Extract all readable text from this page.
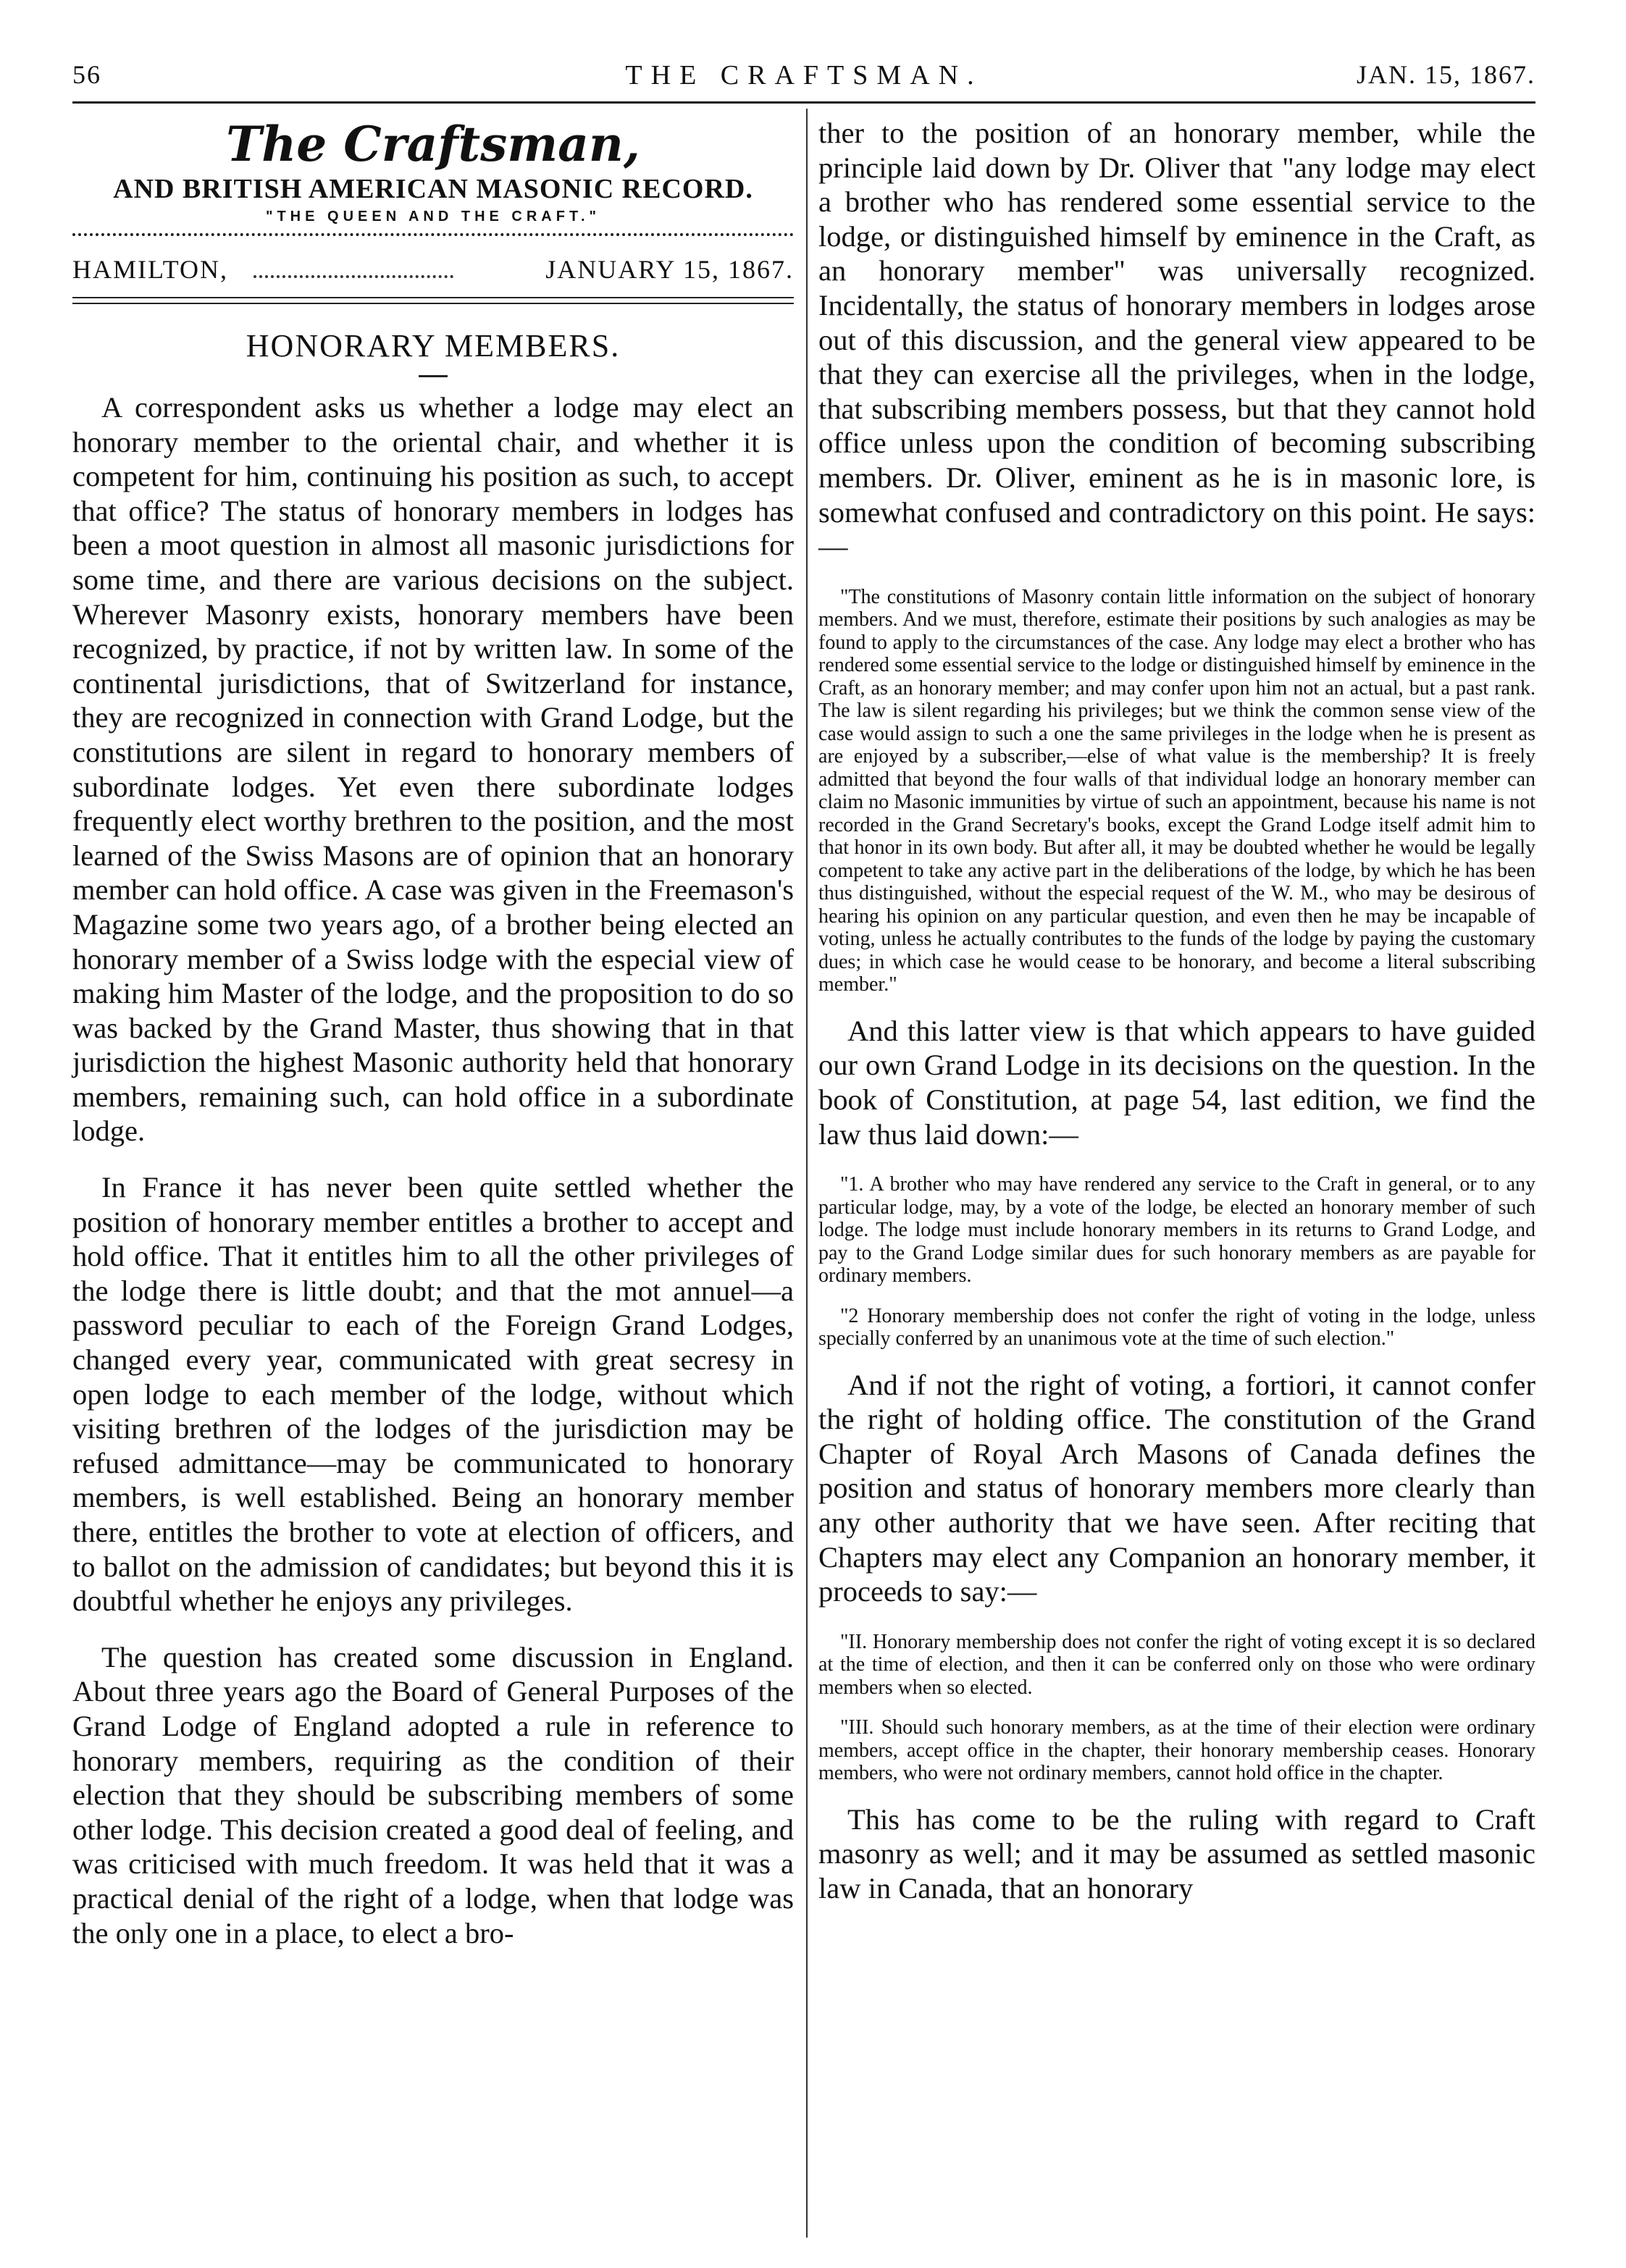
56	THE CRAFTSMAN.	JAN. 15, 1867.
The Craftsman,
AND BRITISH AMERICAN MASONIC RECORD.
"THE QUEEN AND THE CRAFT."
HAMILTON,	JANUARY 15, 1867.
HONORARY MEMBERS.

A correspondent asks us whether a lodge may elect an honorary member to the oriental chair, and whether it is competent for him, continuing his position as such, to accept that office? The status of honorary members in lodges has been a moot question in almost all masonic jurisdictions for some time, and there are various decisions on the subject. Wherever Masonry exists, honorary members have been recognized, by practice, if not by written law. In some of the continental jurisdictions, that of Switzerland for instance, they are recognized in connection with Grand Lodge, but the constitutions are silent in regard to honorary members of subordinate lodges. Yet even there subordinate lodges frequently elect worthy brethren to the position, and the most learned of the Swiss Masons are of opinion that an honorary member can hold office. A case was given in the Freemason's Magazine some two years ago, of a brother being elected an honorary member of a Swiss lodge with the especial view of making him Master of the lodge, and the proposition to do so was backed by the Grand Master, thus showing that in that jurisdiction the highest Masonic authority held that honorary members, remaining such, can hold office in a subordinate lodge.

In France it has never been quite settled whether the position of honorary member entitles a brother to accept and hold office. That it entitles him to all the other privileges of the lodge there is little doubt; and that the mot annuel—a password peculiar to each of the Foreign Grand Lodges, changed every year, communicated with great secresy in open lodge to each member of the lodge, without which visiting brethren of the lodges of the jurisdiction may be refused admittance—may be communicated to honorary members, is well established. Being an honorary member there, entitles the brother to vote at election of officers, and to ballot on the admission of candidates; but beyond this it is doubtful whether he enjoys any privileges.

The question has created some discussion in England. About three years ago the Board of General Purposes of the Grand Lodge of England adopted a rule in reference to honorary members, requiring as the condition of their election that they should be subscribing members of some other lodge. This decision created a good deal of feeling, and was criticised with much freedom. It was held that it was a practical denial of the right of a lodge, when that lodge was the only one in a place, to elect a bro-

ther to the position of an honorary member, while the principle laid down by Dr. Oliver that "any lodge may elect a brother who has rendered some essential service to the lodge, or distinguished himself by eminence in the Craft, as an honorary member" was universally recognized. Incidentally, the status of honorary members in lodges arose out of this discussion, and the general view appeared to be that they can exercise all the privileges, when in the lodge, that subscribing members possess, but that they cannot hold office unless upon the condition of becoming subscribing members. Dr. Oliver, eminent as he is in masonic lore, is somewhat confused and contradictory on this point. He says:—

"The constitutions of Masonry contain little information on the subject of honorary members. And we must, therefore, estimate their positions by such analogies as may be found to apply to the circumstances of the case. Any lodge may elect a brother who has rendered some essential service to the lodge or distinguished himself by eminence in the Craft, as an honorary member; and may confer upon him not an actual, but a past rank. The law is silent regarding his privileges; but we think the common sense view of the case would assign to such a one the same privileges in the lodge when he is present as are enjoyed by a subscriber,—else of what value is the membership? It is freely admitted that beyond the four walls of that individual lodge an honorary member can claim no Masonic immunities by virtue of such an appointment, because his name is not recorded in the Grand Secretary's books, except the Grand Lodge itself admit him to that honor in its own body. But after all, it may be doubted whether he would be legally competent to take any active part in the deliberations of the lodge, by which he has been thus distinguished, without the especial request of the W. M., who may be desirous of hearing his opinion on any particular question, and even then he may be incapable of voting, unless he actually contributes to the funds of the lodge by paying the customary dues; in which case he would cease to be honorary, and become a literal subscribing member."

And this latter view is that which appears to have guided our own Grand Lodge in its decisions on the question. In the book of Constitution, at page 54, last edition, we find the law thus laid down:—

"1. A brother who may have rendered any service to the Craft in general, or to any particular lodge, may, by a vote of the lodge, be elected an honorary member of such lodge. The lodge must include honorary members in its returns to Grand Lodge, and pay to the Grand Lodge similar dues for such honorary members as are payable for ordinary members.
"2 Honorary membership does not confer the right of voting in the lodge, unless specially conferred by an unanimous vote at the time of such election."

And if not the right of voting, a fortiori, it cannot confer the right of holding office. The constitution of the Grand Chapter of Royal Arch Masons of Canada defines the position and status of honorary members more clearly than any other authority that we have seen. After reciting that Chapters may elect any Companion an honorary member, it proceeds to say:—

"II. Honorary membership does not confer the right of voting except it is so declared at the time of election, and then it can be conferred only on those who were ordinary members when so elected.
"III. Should such honorary members, as at the time of their election were ordinary members, accept office in the chapter, their honorary membership ceases. Honorary members, who were not ordinary members, cannot hold office in the chapter.

This has come to be the ruling with regard to Craft masonry as well; and it may be assumed as settled masonic law in Canada, that an honorary
